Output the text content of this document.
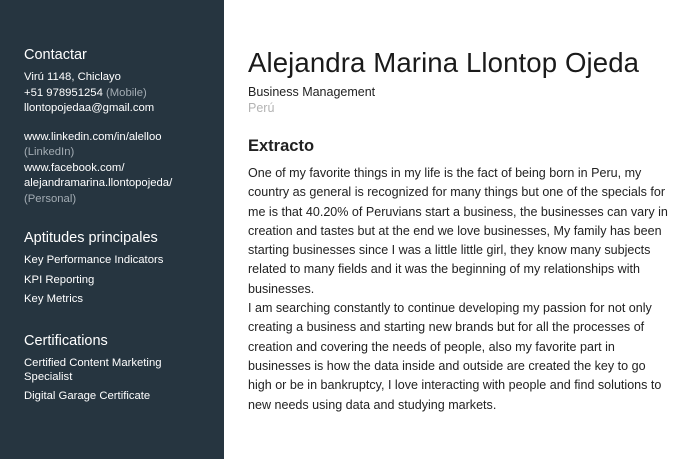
Contactar
Virú 1148, Chiclayo
+51 978951254 (Mobile)
llontopojedaa@gmail.com
www.linkedin.com/in/alelloo
(LinkedIn)
www.facebook.com/
alejandramarina.llontopojeda/
(Personal)
Aptitudes principales
Key Performance Indicators
KPI Reporting
Key Metrics
Certifications
Certified Content Marketing Specialist
Digital Garage Certificate
Alejandra Marina Llontop Ojeda
Business Management
Perú
Extracto

One of my favorite things in my life is the fact of being born in Peru, my country as general is recognized for many things but one of the specials for me is that 40.20% of Peruvians start a business, the businesses can vary in creation and tastes but at the end we love businesses, My family has been starting businesses since I was a little little girl, they know many subjects related to many fields and it was the beginning of my relationships with businesses.

I am searching constantly to continue developing my passion for not only creating a business and starting new brands but for all the processes of creation and covering the needs of people, also my favorite part in businesses is how the data inside and outside are created the key to go high or be in bankruptcy, I love interacting with people and find solutions to new needs using data and studying markets.
